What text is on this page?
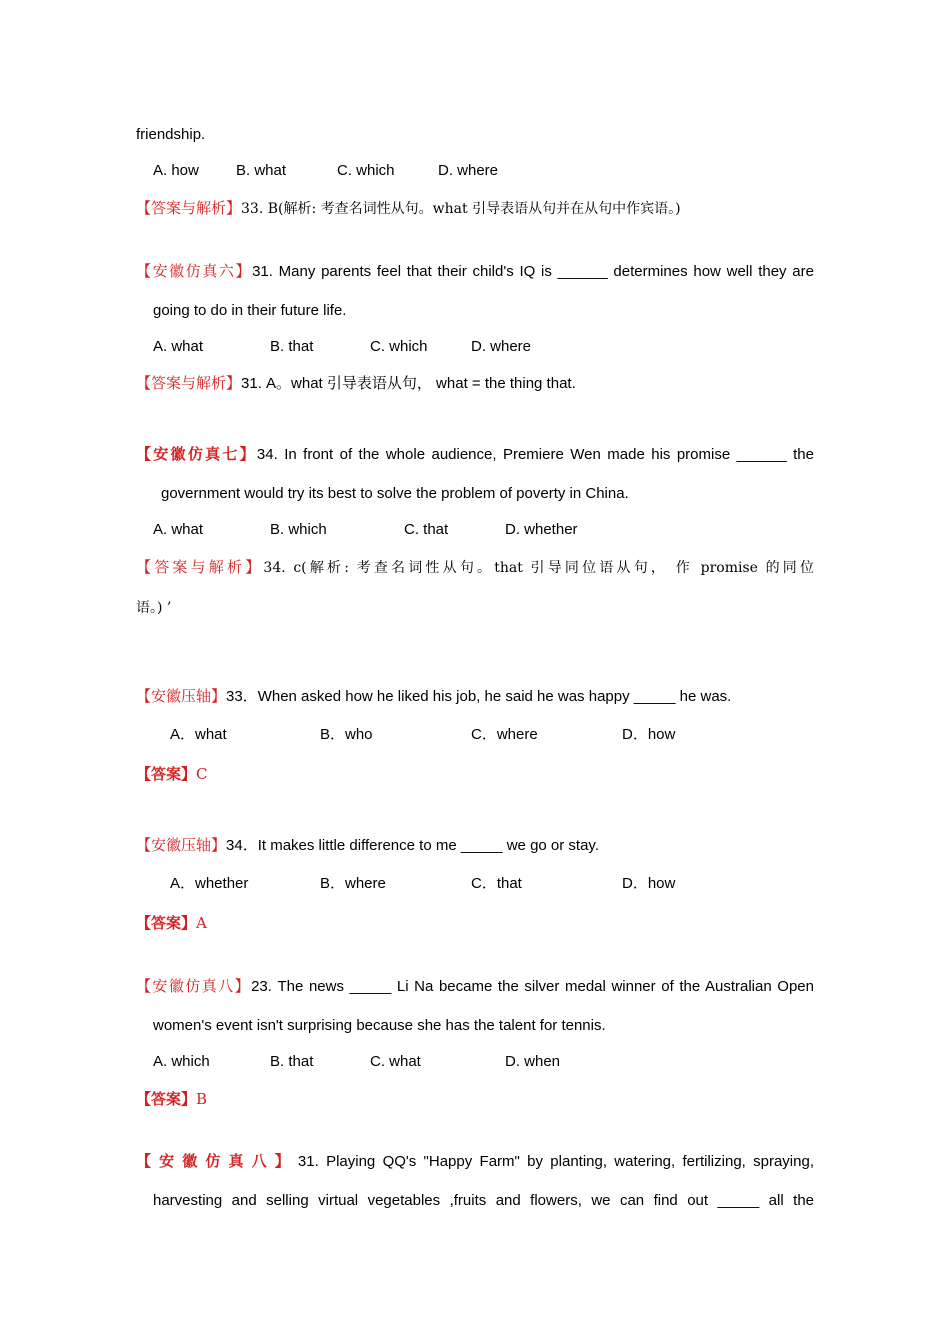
friendship.
A. how B. what	C. which	D. where
【答案与解析】33. B(解析: 考查名词性从句。what 引导表语从句并在从句中作宾语。)
【安徽仿真六】31. Many parents feel that their child's IQ is ______ determines how well they are
going to do in their future life.
A. what	B. that	C. which	D. where
【答案与解析】31. A。what 引导表语从句， what = the thing that.
【安徽仿真七】34. In front of the whole audience, Premiere Wen made his promise ______ the
government would try its best to solve the problem of poverty in China.
A. what	B. which	C. that	D. whether
【答案与解析】34. c(解析: 考查名词性从句。that 引导同位语从句， 作 promise 的同位
语。) ’
【安徽压轴】33．When asked how he liked his job, he said he was happy _____ he was.
A．what	B．who	C．where	D．how
【答案】C
【安徽压轴】34．It makes little difference to me _____ we go or stay.
A．whether	B．where	C．that	D．how
【答案】A
【安徽仿真八】23. The news _____ Li Na became the silver medal winner of the Australian Open
women's event isn't surprising because she has the talent for tennis.
A. which	B. that	C. what	D. when
【答案】B
【安徽仿真八】31. Playing QQ's "Happy Farm" by planting, watering, fertilizing, spraying,
harvesting and selling virtual vegetables ,fruits and flowers, we can find out _____ all the
